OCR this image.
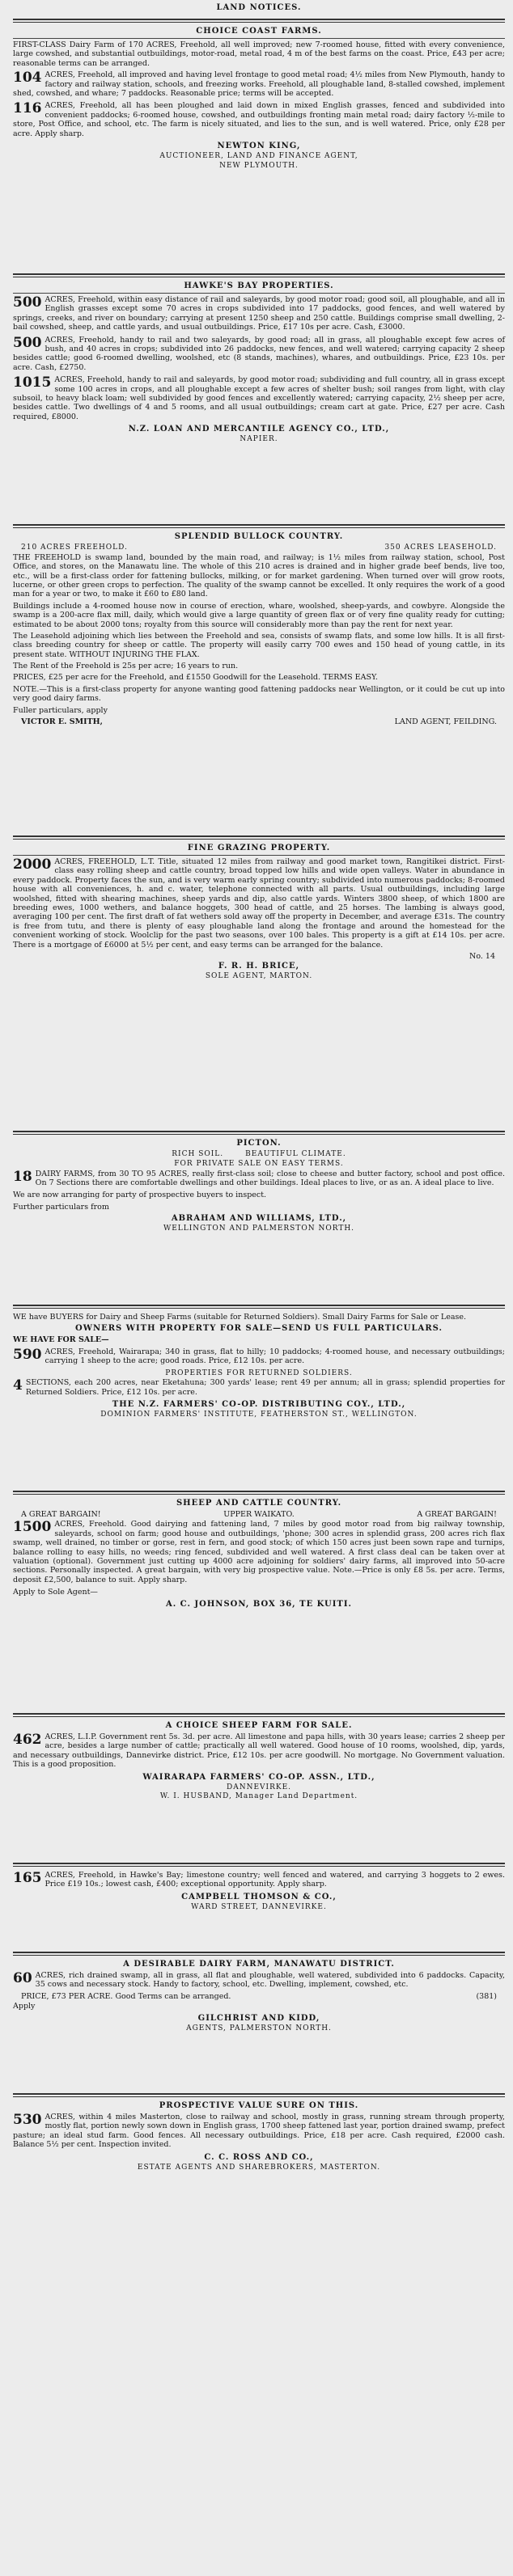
LAND NOTICES.
CHOICE COAST FARMS.
FIRST-CLASS Dairy Farm of 170 ACRES, Freehold, all well improved; new 7-roomed house, fitted with every convenience, large cowshed, and substantial outbuildings, motor-road, metal road, 4 m of the best farms on the coast. Price, £43 per acre; reasonable terms can be arranged.
104 ACRES, Freehold, all improved and having level frontage to good metal road; 4½ miles from New Plymouth, handy to factory and railway station, schools, and freezing works. Freehold, all ploughable land, 8-stalled cowshed, implement shed, cowshed, and whare; 7 paddocks. Reasonable price; terms will be accepted.
116 ACRES, Freehold, all has been ploughed and laid down in mixed English grasses, fenced and subdivided into convenient paddocks; 6-roomed house, cowshed, and outbuildings fronting main metal road; dairy factory ½-mile to store, Post Office, and school, etc. The farm is nicely situated, and lies to the sun, and is well watered. Price, only £28 per acre. Apply sharp.
NEWTON KING,
AUCTIONEER, LAND AND FINANCE AGENT,
NEW PLYMOUTH.
HAWKE'S BAY PROPERTIES.
500 ACRES, Freehold, within easy distance of rail and saleyards, by good motor road; good soil, all ploughable, and all in English grasses except some 70 acres in crops subdivided into 17 paddocks, good fences, and well watered by springs, creeks, and river on boundary; carrying at present 1250 sheep and 250 cattle. Buildings comprise small dwelling, 2-bail cowshed, sheep, and cattle yards, and usual outbuildings. Price, £17 10s per acre. Cash, £3000.
500 ACRES, Freehold, handy to rail and two saleyards, by good road; all in grass, all ploughable except few acres of bush, and 40 acres in crops; subdivided into 26 paddocks, new fences, and well watered; carrying capacity 2 sheep besides cattle; good 6-roomed dwelling, woolshed, etc (8 stands, machines), whares, and outbuildings. Price, £23 10s. per acre. Cash, £2750.
1015 ACRES, Freehold, handy to rail and saleyards, by good motor road; subdividing and full country, all in grass except some 100 acres in crops, and all ploughable except a few acres of shelter bush; soil ranges from light, with clay subsoil, to heavy black loam; well subdivided by good fences and excellently watered; carrying capacity, 2½ sheep per acre, besides cattle. Two dwellings of 4 and 5 rooms, and all usual outbuildings; cream cart at gate. Price, £27 per acre. Cash required, £8000.
N.Z. LOAN AND MERCANTILE AGENCY CO., LTD.,
NAPIER.
SPLENDID BULLOCK COUNTRY.
210 ACRES FREEHOLD.	350 ACRES LEASEHOLD.
THE FREEHOLD is swamp land, bounded by the main road, and railway; is 1½ miles from railway station, school, Post Office, and stores, on the Manawatu line. The whole of this 210 acres is drained and in higher grade beef bends, live too, etc., will be a first-class order for fattening bullocks, milking, or for market gardening. When turned over will grow roots, lucerne, or other green crops to perfection. The quality of the swamp cannot be excelled. It only requires the work of a good man for a year or two, to make it £60 to £80 land.
Buildings include a 4-roomed house now in course of erection, whare, woolshed, sheep-yards, and cowbyre. Alongside the swamp is a 200-acre flax mill, daily, which would give a large quantity of green flax or of very fine quality ready for cutting; estimated to be about 2000 tons; royalty from this source will considerably more than pay the rent for next year.
The Leasehold adjoining which lies between the Freehold and sea, consists of swamp flats, and some low hills. It is all first-class breeding country for sheep or cattle. The property will easily carry 700 ewes and 150 head of young cattle, in its present state. WITHOUT INJURING THE FLAX.
The Rent of the Freehold is 25s per acre; 16 years to run.
PRICES, £25 per acre for the Freehold, and £1550 Goodwill for the Leasehold. TERMS EASY.
NOTE.—This is a first-class property for anyone wanting good fattening paddocks near Wellington, or it could be cut up into very good dairy farms.
Fuller particulars, apply
VICTOR E. SMITH,	LAND AGENT, FEILDING.
FINE GRAZING PROPERTY.
2000 ACRES, FREEHOLD, L.T. Title, situated 12 miles from railway and good market town, Rangitikei district. First-class easy rolling sheep and cattle country, broad topped low hills and wide open valleys. Water in abundance in every paddock. Property faces the sun, and is very warm early spring country; subdivided into numerous paddocks; 8-roomed house with all conveniences, h. and c. water, telephone connected with all parts. Usual outbuildings, including large woolshed, fitted with shearing machines, sheep yards and dip, also cattle yards. Winters 3800 sheep, of which 1800 are breeding ewes, 1000 wethers, and balance hoggets, 300 head of cattle, and 25 horses. The lambing is always good, averaging 100 per cent. The first draft of fat wethers sold away off the property in December, and average £31s. The country is free from tutu, and there is plenty of easy ploughable land along the frontage and around the homestead for the convenient working of stock. Woolclip for the past two seasons, over 100 bales. This property is a gift at £14 10s. per acre. There is a mortgage of £6000 at 5½ per cent, and easy terms can be arranged for the balance.
No. 14
F. R. H. BRICE,
SOLE AGENT, MARTON.
PICTON.
RICH SOIL.       BEAUTIFUL CLIMATE.
FOR PRIVATE SALE ON EASY TERMS.
18 DAIRY FARMS, from 30 TO 95 ACRES, really first-class soil; close to cheese and butter factory, school and post office. On 7 Sections there are comfortable dwellings and other buildings. Ideal places to live, or as an. A ideal place to live.
We are now arranging for party of prospective buyers to inspect.
Further particulars from
ABRAHAM AND WILLIAMS, LTD.,
WELLINGTON AND PALMERSTON NORTH.
WE have BUYERS for Dairy and Sheep Farms (suitable for Returned Soldiers). Small Dairy Farms for Sale or Lease.
OWNERS WITH PROPERTY FOR SALE—SEND US FULL PARTICULARS.
WE HAVE FOR SALE—
590 ACRES, Freehold, Wairarapa; 340 in grass, flat to hilly; 10 paddocks; 4-roomed house, and necessary outbuildings; carrying 1 sheep to the acre; good roads. Price, £12 10s. per acre.
PROPERTIES FOR RETURNED SOLDIERS.
4 SECTIONS, each 200 acres, near Eketahuna; 300 yards' lease; rent 49 per annum; all in grass; splendid properties for Returned Soldiers. Price, £12 10s. per acre.
THE N.Z. FARMERS' CO-OP. DISTRIBUTING COY., LTD.,
DOMINION FARMERS' INSTITUTE, FEATHERSTON ST., WELLINGTON.
SHEEP AND CATTLE COUNTRY.
A GREAT BARGAIN!	UPPER WAIKATO.	A GREAT BARGAIN!
1500 ACRES, Freehold. Good dairying and fattening land, 7 miles by good motor road from big railway township, saleyards, school on farm; good house and outbuildings, 'phone; 300 acres in splendid grass, 200 acres rich flax swamp, well drained, no timber or gorse, rest in fern, and good stock; of which 150 acres just been sown rape and turnips, balance rolling to easy hills, no weeds; ring fenced, subdivided and well watered. A first class deal can be taken over at valuation (optional). Government just cutting up 4000 acre adjoining for soldiers' dairy farms, all improved into 50-acre sections. Personally inspected. A great bargain, with very big prospective value. Note.—Price is only £8 5s. per acre. Terms, deposit £2,500, balance to suit. Apply sharp.
Apply to Sole Agent—
A. C. JOHNSON, BOX 36, TE KUITI.
A CHOICE SHEEP FARM FOR SALE.
462 ACRES, L.I.P. Government rent 5s. 3d. per acre. All limestone and papa hills, with 30 years lease; carries 2 sheep per acre, besides a large number of cattle; practically all well watered. Good house of 10 rooms, woolshed, dip, yards, and necessary outbuildings, Dannevirke district. Price, £12 10s. per acre goodwill. No mortgage. No Government valuation. This is a good proposition.
WAIRARAPA FARMERS' CO-OP. ASSN., LTD.,
DANNEVIRKE.
W. I. HUSBAND, Manager Land Department.
165 ACRES, Freehold, in Hawke's Bay; limestone country; well fenced and watered, and carrying 3 hoggets to 2 ewes. Price £19 10s.; lowest cash, £400; exceptional opportunity. Apply sharp.
CAMPBELL THOMSON & CO.,
WARD STREET, DANNEVIRKE.
A DESIRABLE DAIRY FARM, MANAWATU DISTRICT.
60 ACRES, rich drained swamp, all in grass, all flat and ploughable, well watered, subdivided into 6 paddocks. Capacity, 35 cows and necessary stock. Handy to factory, school, etc. Dwelling, implement, cowshed, etc.
PRICE, £73 PER ACRE. Good Terms can be arranged.	(381)
Apply
GILCHRIST AND KIDD,
AGENTS, PALMERSTON NORTH.
PROSPECTIVE VALUE SURE ON THIS.
530 ACRES, within 4 miles Masterton, close to railway and school, mostly in grass, running stream through property, mostly flat, portion newly sown down in English grass, 1700 sheep fattened last year, portion drained swamp, prefect pasture; an ideal stud farm. Good fences. All necessary outbuildings. Price, £18 per acre. Cash required, £2000 cash. Balance 5½ per cent. Inspection invited.
C. C. ROSS AND CO.,
ESTATE AGENTS AND SHAREBROKERS, MASTERTON.
